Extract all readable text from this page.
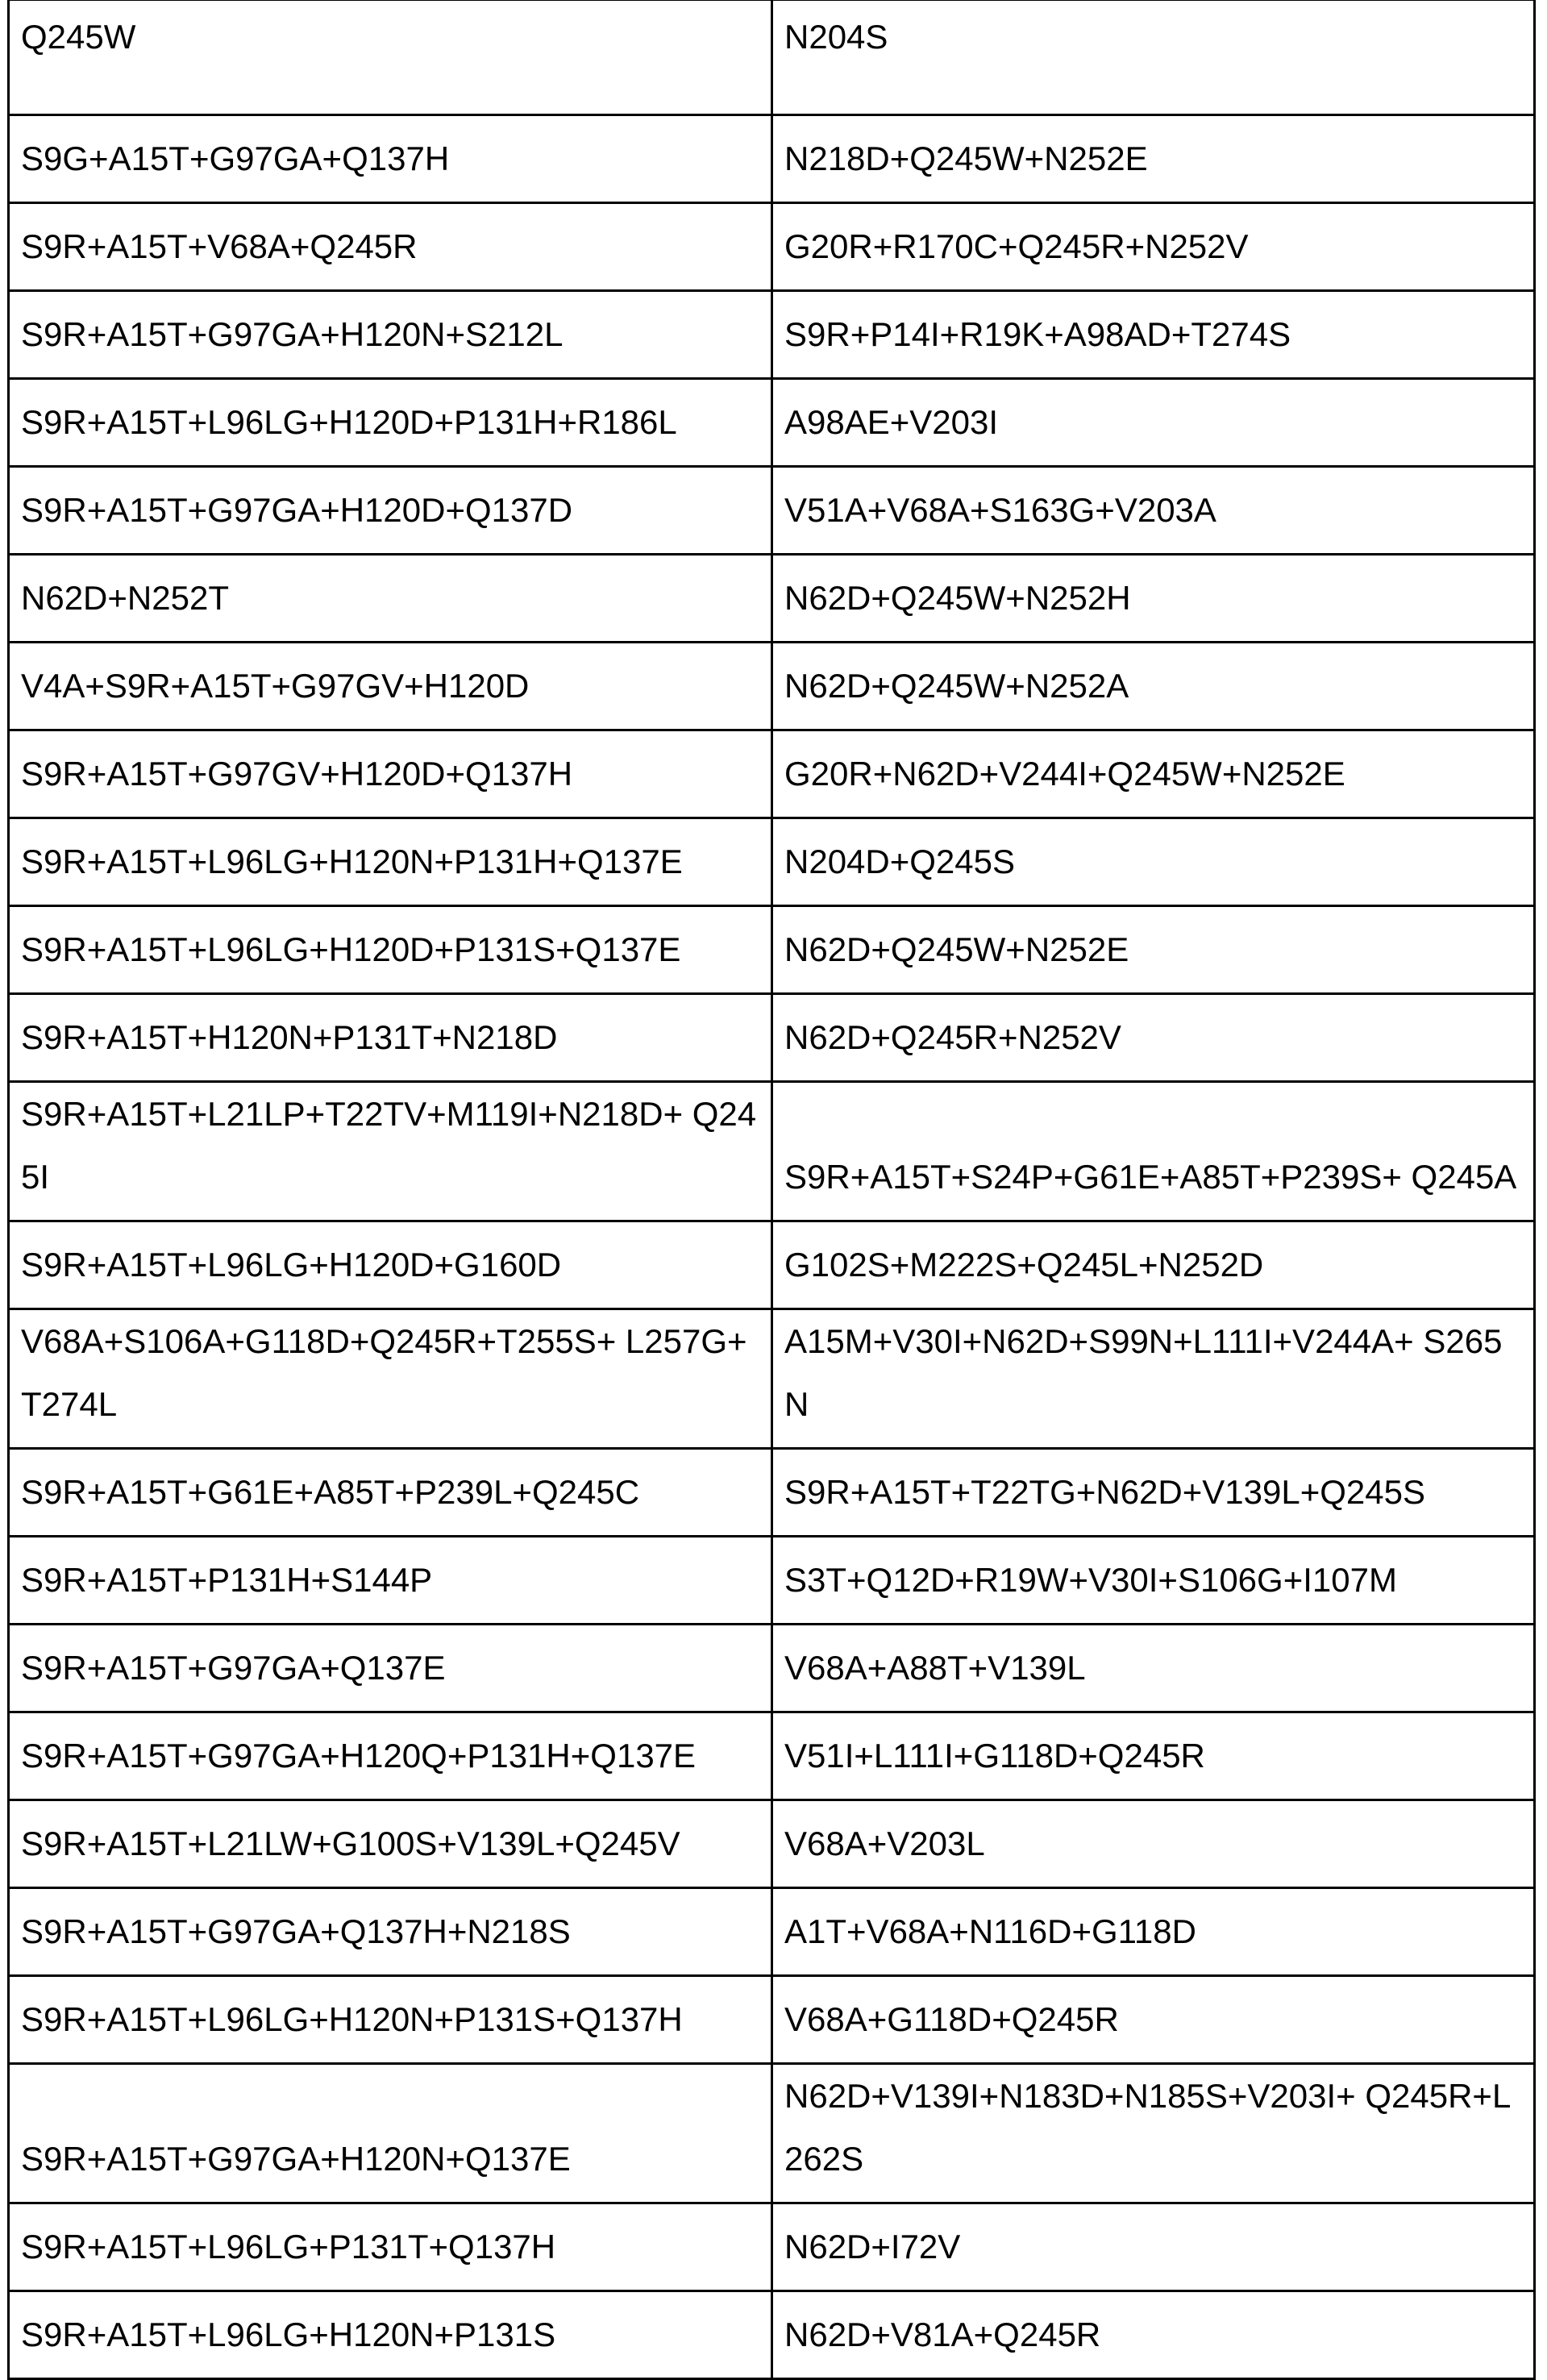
Q245W	N204S
S9G+A15T+G97GA+Q137H	N218D+Q245W+N252E
S9R+A15T+V68A+Q245R	G20R+R170C+Q245R+N252V
S9R+A15T+G97GA+H120N+S212L	S9R+P14I+R19K+A98AD+T274S
S9R+A15T+L96LG+H120D+P131H+R186L	A98AE+V203I
S9R+A15T+G97GA+H120D+Q137D	V51A+V68A+S163G+V203A
N62D+N252T	N62D+Q245W+N252H
V4A+S9R+A15T+G97GV+H120D	N62D+Q245W+N252A
S9R+A15T+G97GV+H120D+Q137H	G20R+N62D+V244I+Q245W+N252E
S9R+A15T+L96LG+H120N+P131H+Q137E	N204D+Q245S
S9R+A15T+L96LG+H120D+P131S+Q137E	N62D+Q245W+N252E
S9R+A15T+H120N+P131T+N218D	N62D+Q245R+N252V
S9R+A15T+L21LP+T22TV+M119I+N218D+ Q245I	S9R+A15T+S24P+G61E+A85T+P239S+ Q245A
S9R+A15T+L96LG+H120D+G160D	G102S+M222S+Q245L+N252D
V68A+S106A+G118D+Q245R+T255S+ L257G+T274L	A15M+V30I+N62D+S99N+L111I+V244A+ S265N
S9R+A15T+G61E+A85T+P239L+Q245C	S9R+A15T+T22TG+N62D+V139L+Q245S
S9R+A15T+P131H+S144P	S3T+Q12D+R19W+V30I+S106G+I107M
S9R+A15T+G97GA+Q137E	V68A+A88T+V139L
S9R+A15T+G97GA+H120Q+P131H+Q137E	V51I+L111I+G118D+Q245R
S9R+A15T+L21LW+G100S+V139L+Q245V	V68A+V203L
S9R+A15T+G97GA+Q137H+N218S	A1T+V68A+N116D+G118D
S9R+A15T+L96LG+H120N+P131S+Q137H	V68A+G118D+Q245R
S9R+A15T+G97GA+H120N+Q137E	N62D+V139I+N183D+N185S+V203I+ Q245R+L262S
S9R+A15T+L96LG+P131T+Q137H	N62D+I72V
S9R+A15T+L96LG+H120N+P131S	N62D+V81A+Q245R
